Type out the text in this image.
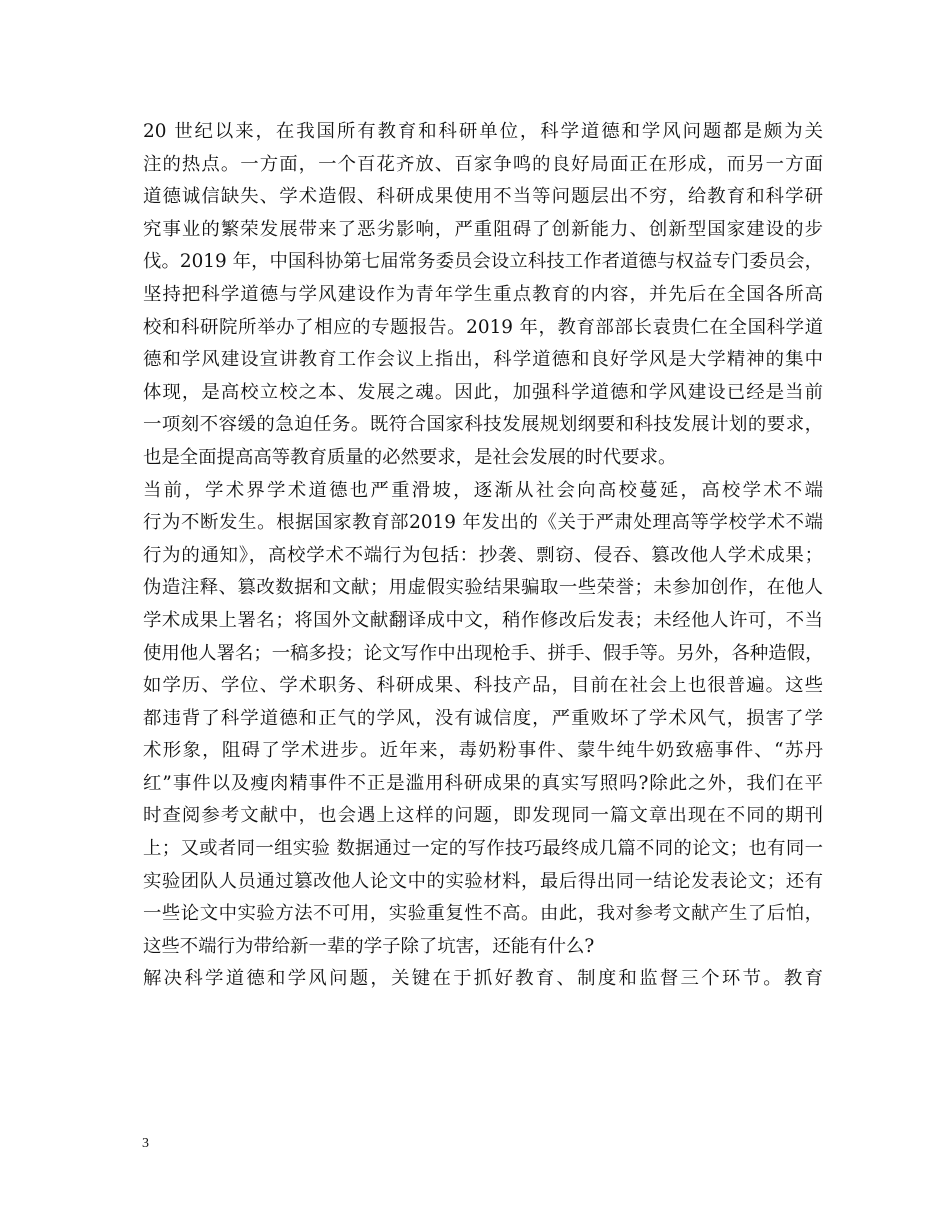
20 世纪以来，在我国所有教育和科研单位，科学道德和学风问题都是颇为关
注的热点。一方面，一个百花齐放、百家争鸣的良好局面正在形成，而另一方面
道德诚信缺失、学术造假、科研成果使用不当等问题层出不穷，给教育和科学研
究事业的繁荣发展带来了恶劣影响，严重阻碍了创新能力、创新型国家建设的步
伐。2019 年，中国科协第七届常务委员会设立科技工作者道德与权益专门委员会，
坚持把科学道德与学风建设作为青年学生重点教育的内容，并先后在全国各所高
校和科研院所举办了相应的专题报告。2019 年，教育部部长袁贵仁在全国科学道
德和学风建设宣讲教育工作会议上指出，科学道德和良好学风是大学精神的集中
体现，是高校立校之本、发展之魂。因此，加强科学道德和学风建设已经是当前
一项刻不容缓的急迫任务。既符合国家科技发展规划纲要和科技发展计划的要求，
也是全面提高高等教育质量的必然要求，是社会发展的时代要求。

当前，学术界学术道德也严重滑坡，逐渐从社会向高校蔓延，高校学术不端
行为不断发生。根据国家教育部2019 年发出的《关于严肃处理高等学校学术不端
行为的通知》，高校学术不端行为包括：抄袭、剽窃、侵吞、篡改他人学术成果；
伪造注释、篡改数据和文献；用虚假实验结果骗取一些荣誉；未参加创作，在他人
学术成果上署名；将国外文献翻译成中文，稍作修改后发表；未经他人许可，不当
使用他人署名；一稿多投；论文写作中出现枪手、拼手、假手等。另外，各种造假，
如学历、学位、学术职务、科研成果、科技产品，目前在社会上也很普遍。这些
都违背了科学道德和正气的学风，没有诚信度，严重败坏了学术风气，损害了学
术形象，阻碍了学术进步。近年来，毒奶粉事件、蒙牛纯牛奶致癌事件、“苏丹
红”事件以及瘦肉精事件不正是滥用科研成果的真实写照吗?除此之外，我们在平
时查阅参考文献中，也会遇上这样的问题，即发现同一篇文章出现在不同的期刊
上；又或者同一组实验 数据通过一定的写作技巧最终成几篇不同的论文；也有同一
实验团队人员通过篡改他人论文中的实验材料，最后得出同一结论发表论文；还有
一些论文中实验方法不可用，实验重复性不高。由此，我对参考文献产生了后怕，
这些不端行为带给新一辈的学子除了坑害，还能有什么?

解决科学道德和学风问题，关键在于抓好教育、制度和监督三个环节。教育

3
